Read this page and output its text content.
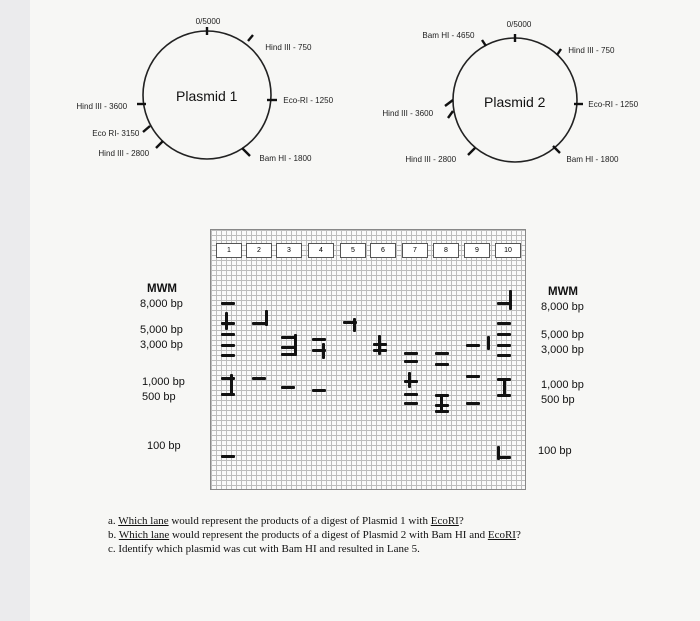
Plasmid 1
0/5000
Hind III - 750
Eco-RI - 1250
Bam HI - 1800
Hind III - 2800
Eco RI- 3150
Hind III - 3600	Plasmid 2
Bam HI - 4650
0/5000
Hind III - 750
Eco-RI - 1250
Bam HI - 1800
Hind III - 2800
Hind III - 3600
1	2	3	4	5	6	7	8	9	10
MWM
8,000 bp
5,000 bp
3,000 bp
1,000 bp
500 bp
100 bp
MWM
8,000 bp
5,000 bp
3,000 bp
1,000 bp
500 bp
100 bp
a. Which lane would represent the products of a digest of Plasmid 1 with EcoRI?
b. Which lane would represent the products of a digest of Plasmid 2 with Bam HI and EcoRI?
c. Identify which plasmid was cut with Bam HI and resulted in Lane 5.
